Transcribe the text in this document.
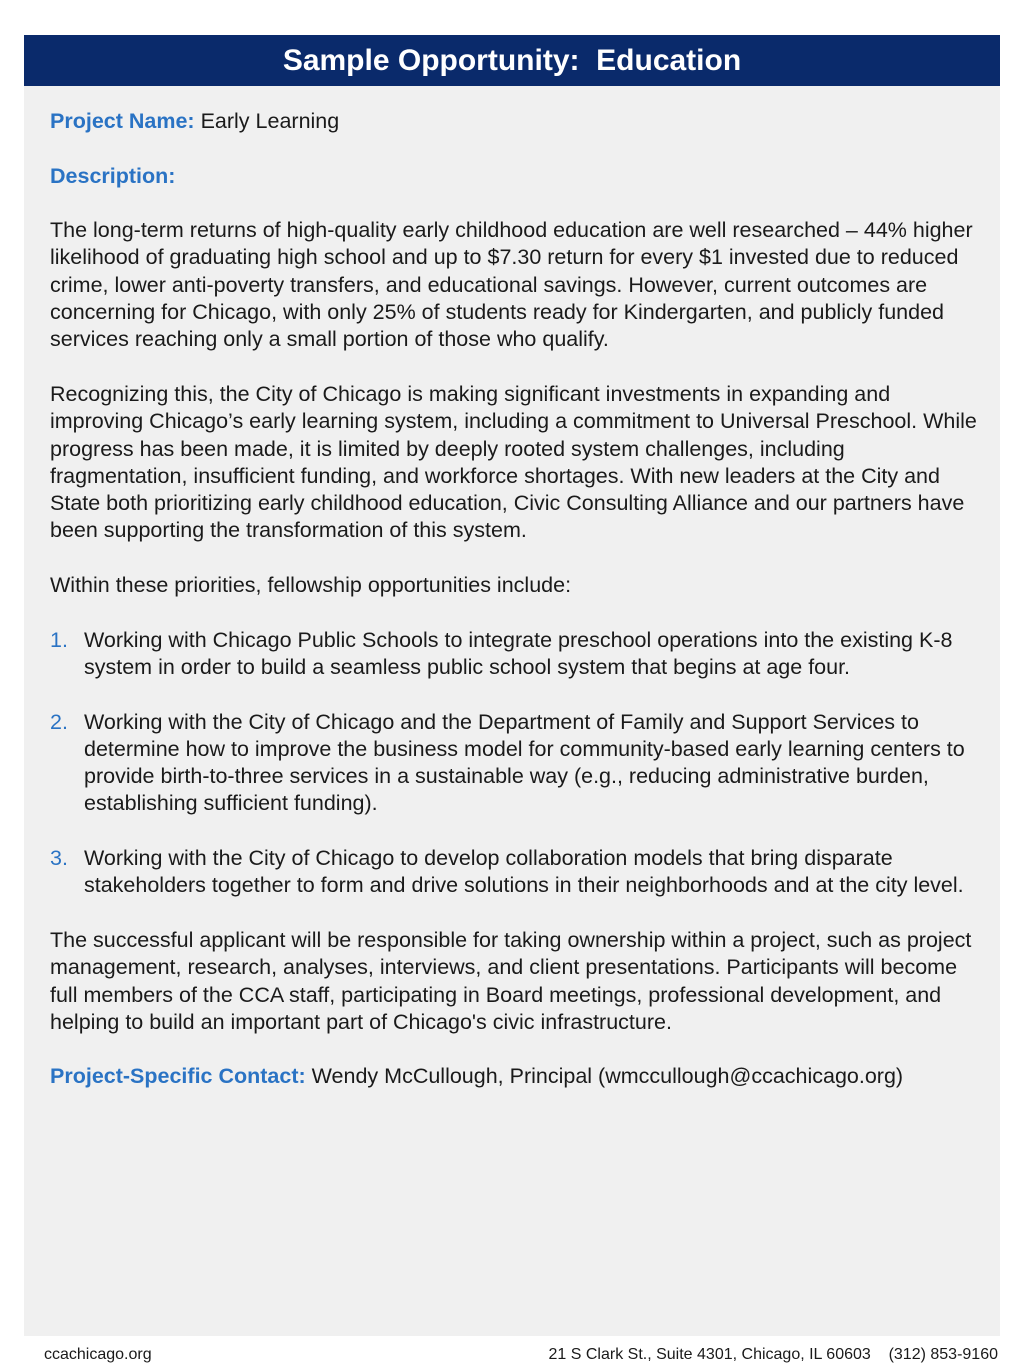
Sample Opportunity:  Education

Project Name: Early Learning

Description:

The long-term returns of high-quality early childhood education are well researched – 44% higher likelihood of graduating high school and up to $7.30 return for every $1 invested due to reduced crime, lower anti-poverty transfers, and educational savings. However, current outcomes are concerning for Chicago, with only 25% of students ready for Kindergarten, and publicly funded services reaching only a small portion of those who qualify.

Recognizing this, the City of Chicago is making significant investments in expanding and improving Chicago’s early learning system, including a commitment to Universal Preschool. While progress has been made, it is limited by deeply rooted system challenges, including fragmentation, insufficient funding, and workforce shortages. With new leaders at the City and State both prioritizing early childhood education, Civic Consulting Alliance and our partners have been supporting the transformation of this system.

Within these priorities, fellowship opportunities include:

1. Working with Chicago Public Schools to integrate preschool operations into the existing K-8 system in order to build a seamless public school system that begins at age four.
2. Working with the City of Chicago and the Department of Family and Support Services to determine how to improve the business model for community-based early learning centers to provide birth-to-three services in a sustainable way (e.g., reducing administrative burden, establishing sufficient funding).
3. Working with the City of Chicago to develop collaboration models that bring disparate stakeholders together to form and drive solutions in their neighborhoods and at the city level.

The successful applicant will be responsible for taking ownership within a project, such as project management, research, analyses, interviews, and client presentations. Participants will become full members of the CCA staff, participating in Board meetings, professional development, and helping to build an important part of Chicago's civic infrastructure.

Project-Specific Contact: Wendy McCullough, Principal (wmccullough@ccachicago.org)

ccachicago.org	21 S Clark St., Suite 4301, Chicago, IL 60603 (312) 853-9160
